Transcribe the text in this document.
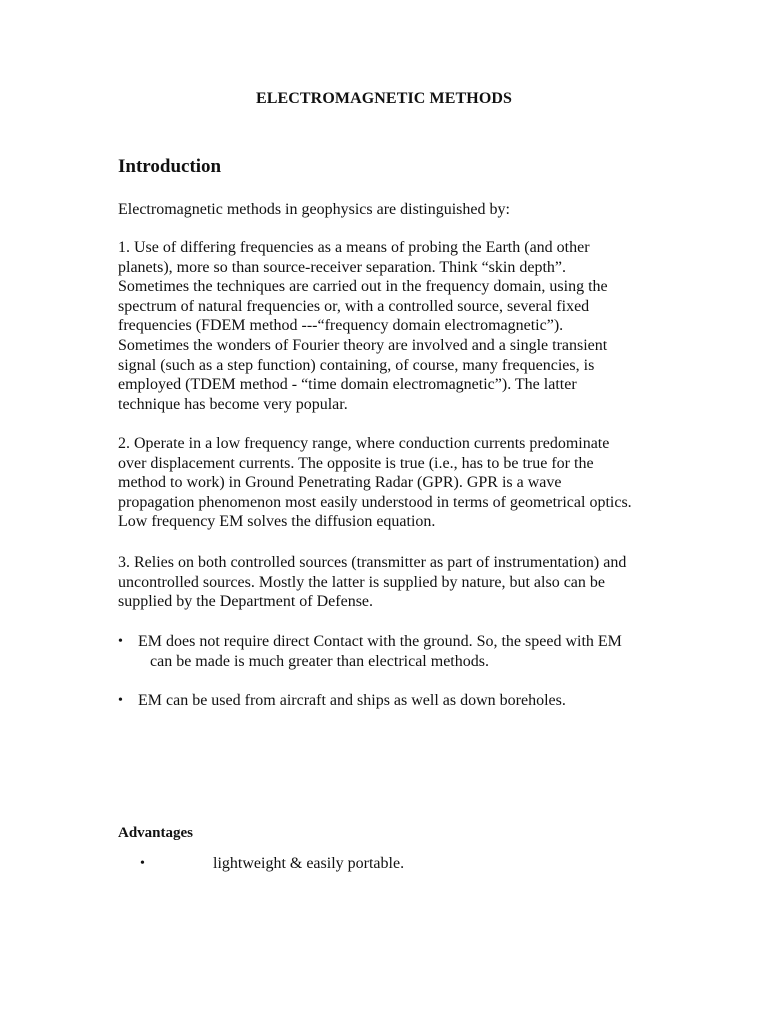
ELECTROMAGNETIC METHODS
Introduction
Electromagnetic methods in geophysics are distinguished by:
1. Use of differing frequencies as a means of probing the Earth (and other
planets), more so than source-receiver separation. Think “skin depth”.
Sometimes the techniques are carried out in the frequency domain, using the
spectrum of natural frequencies or, with a controlled source, several fixed
frequencies (FDEM method ---“frequency domain electromagnetic”).
Sometimes the wonders of Fourier theory are involved and a single transient
signal (such as a step function) containing, of course, many frequencies, is
employed (TDEM method - “time domain electromagnetic”). The latter
technique has become very popular.
2. Operate in a low frequency range, where conduction currents predominate
over displacement currents. The opposite is true (i.e., has to be true for the
method to work) in Ground Penetrating Radar (GPR). GPR is a wave
propagation phenomenon most easily understood in terms of geometrical optics.
Low frequency EM solves the diffusion equation.
3. Relies on both controlled sources (transmitter as part of instrumentation) and
uncontrolled sources. Mostly the latter is supplied by nature, but also can be
supplied by the Department of Defense.
• EM does not require direct Contact with the ground. So, the speed with EM
can be made is much greater than electrical methods.
• EM can be used from aircraft and ships as well as down boreholes.
Advantages
•	lightweight & easily portable.
